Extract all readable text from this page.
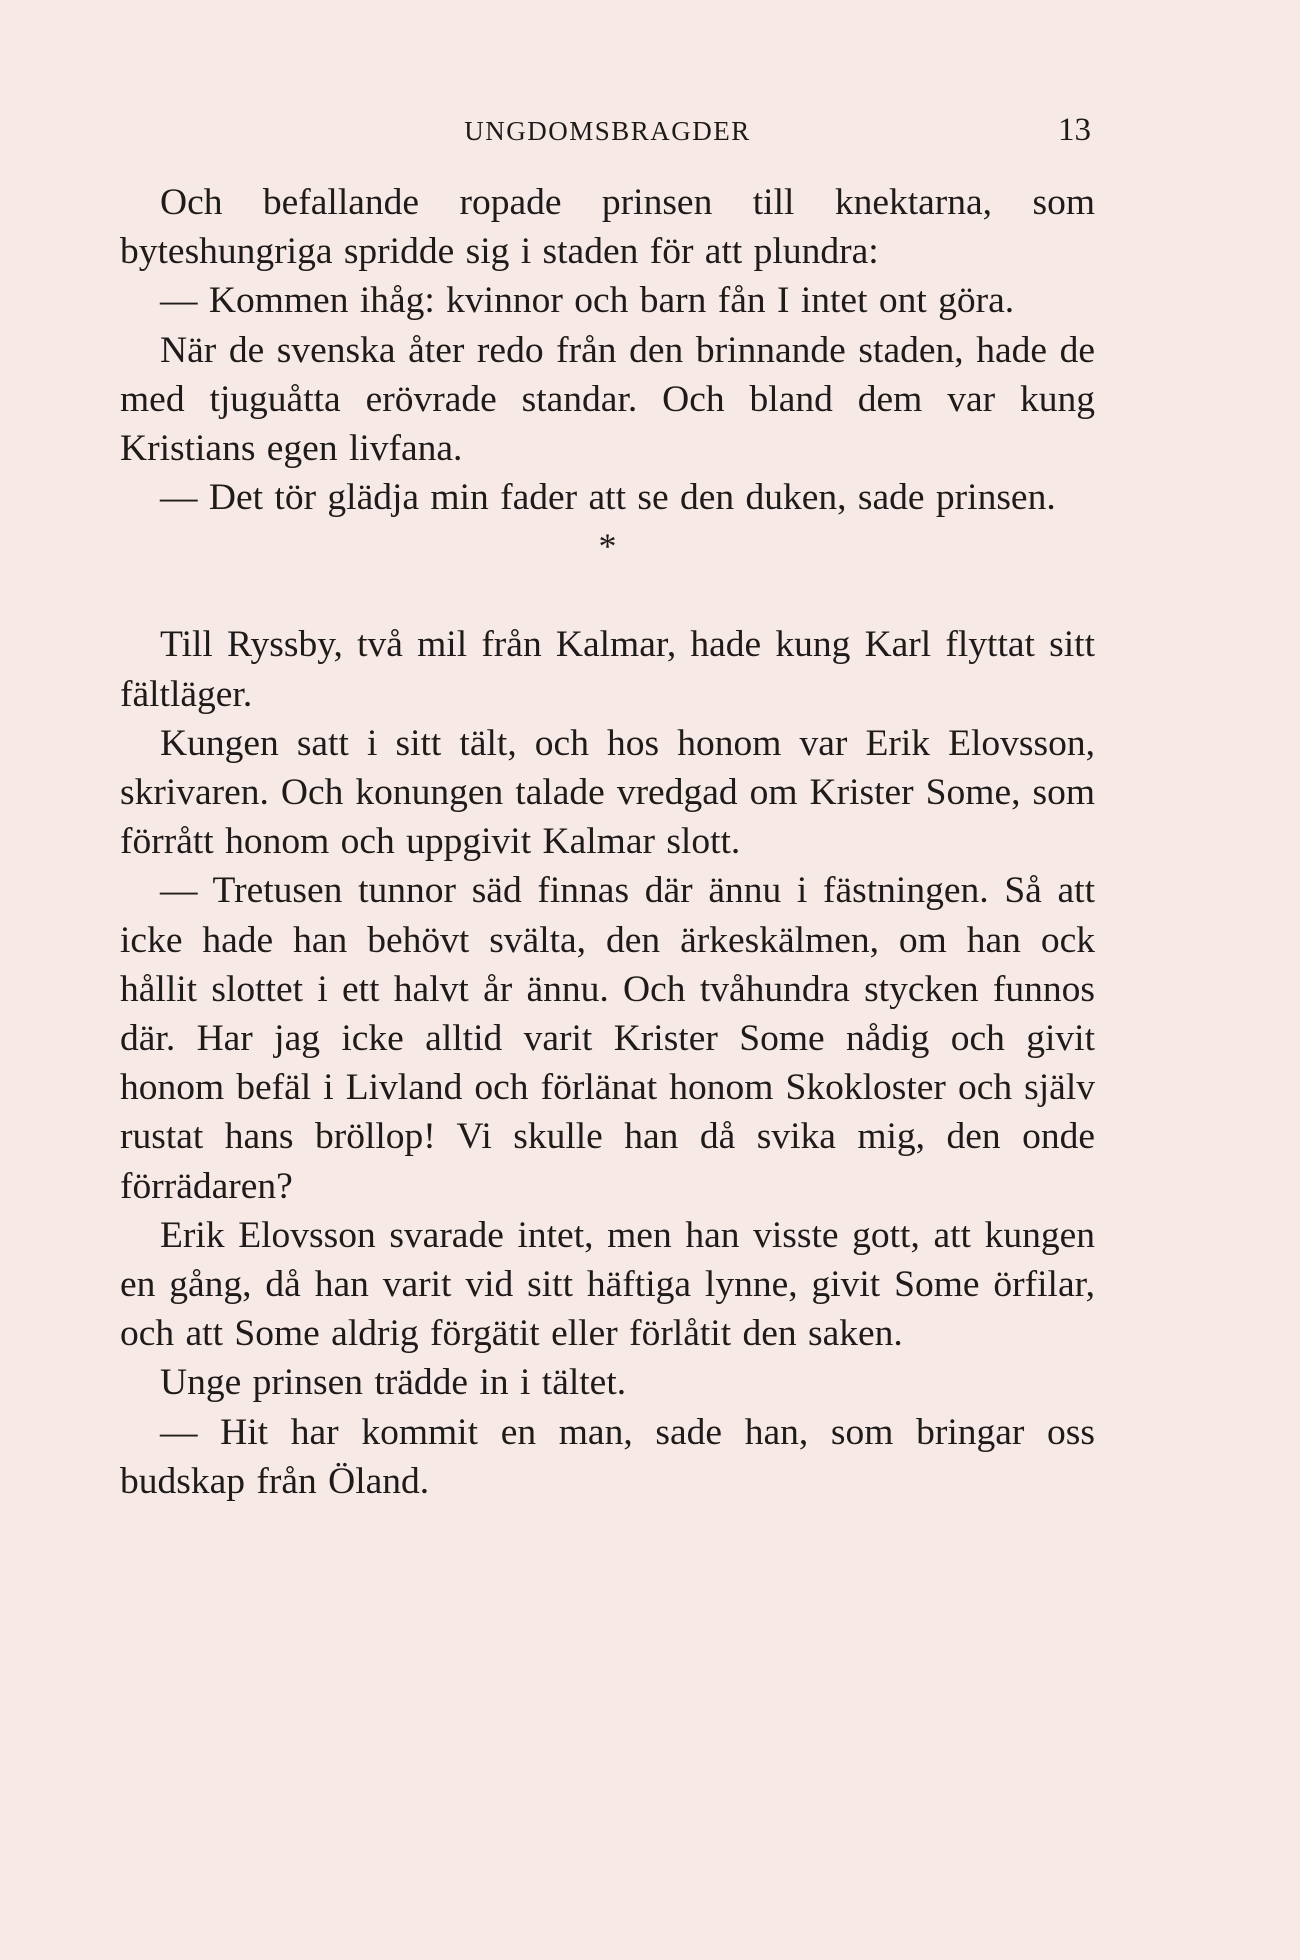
UNGDOMSBRAGDER	13

Och befallande ropade prinsen till knektarna, som byteshungriga spridde sig i staden för att plundra:

— Kommen ihåg: kvinnor och barn fån I intet ont göra.

När de svenska åter redo från den brinnande staden, hade de med tjuguåtta erövrade standar. Och bland dem var kung Kristians egen livfana.

— Det tör glädja min fader att se den duken, sade prinsen.

*

Till Ryssby, två mil från Kalmar, hade kung Karl flyttat sitt fältläger.

Kungen satt i sitt tält, och hos honom var Erik Elovsson, skrivaren. Och konungen talade vredgad om Krister Some, som förrått honom och uppgivit Kalmar slott.

— Tretusen tunnor säd finnas där ännu i fästningen. Så att icke hade han behövt svälta, den ärkeskälmen, om han ock hållit slottet i ett halvt år ännu. Och tvåhundra stycken funnos där. Har jag icke alltid varit Krister Some nådig och givit honom befäl i Livland och förlänat honom Skokloster och själv rustat hans bröllop! Vi skulle han då svika mig, den onde förrädaren?

Erik Elovsson svarade intet, men han visste gott, att kungen en gång, då han varit vid sitt häftiga lynne, givit Some örfilar, och att Some aldrig förgätit eller förlåtit den saken.

Unge prinsen trädde in i tältet.

— Hit har kommit en man, sade han, som bringar oss budskap från Öland.
